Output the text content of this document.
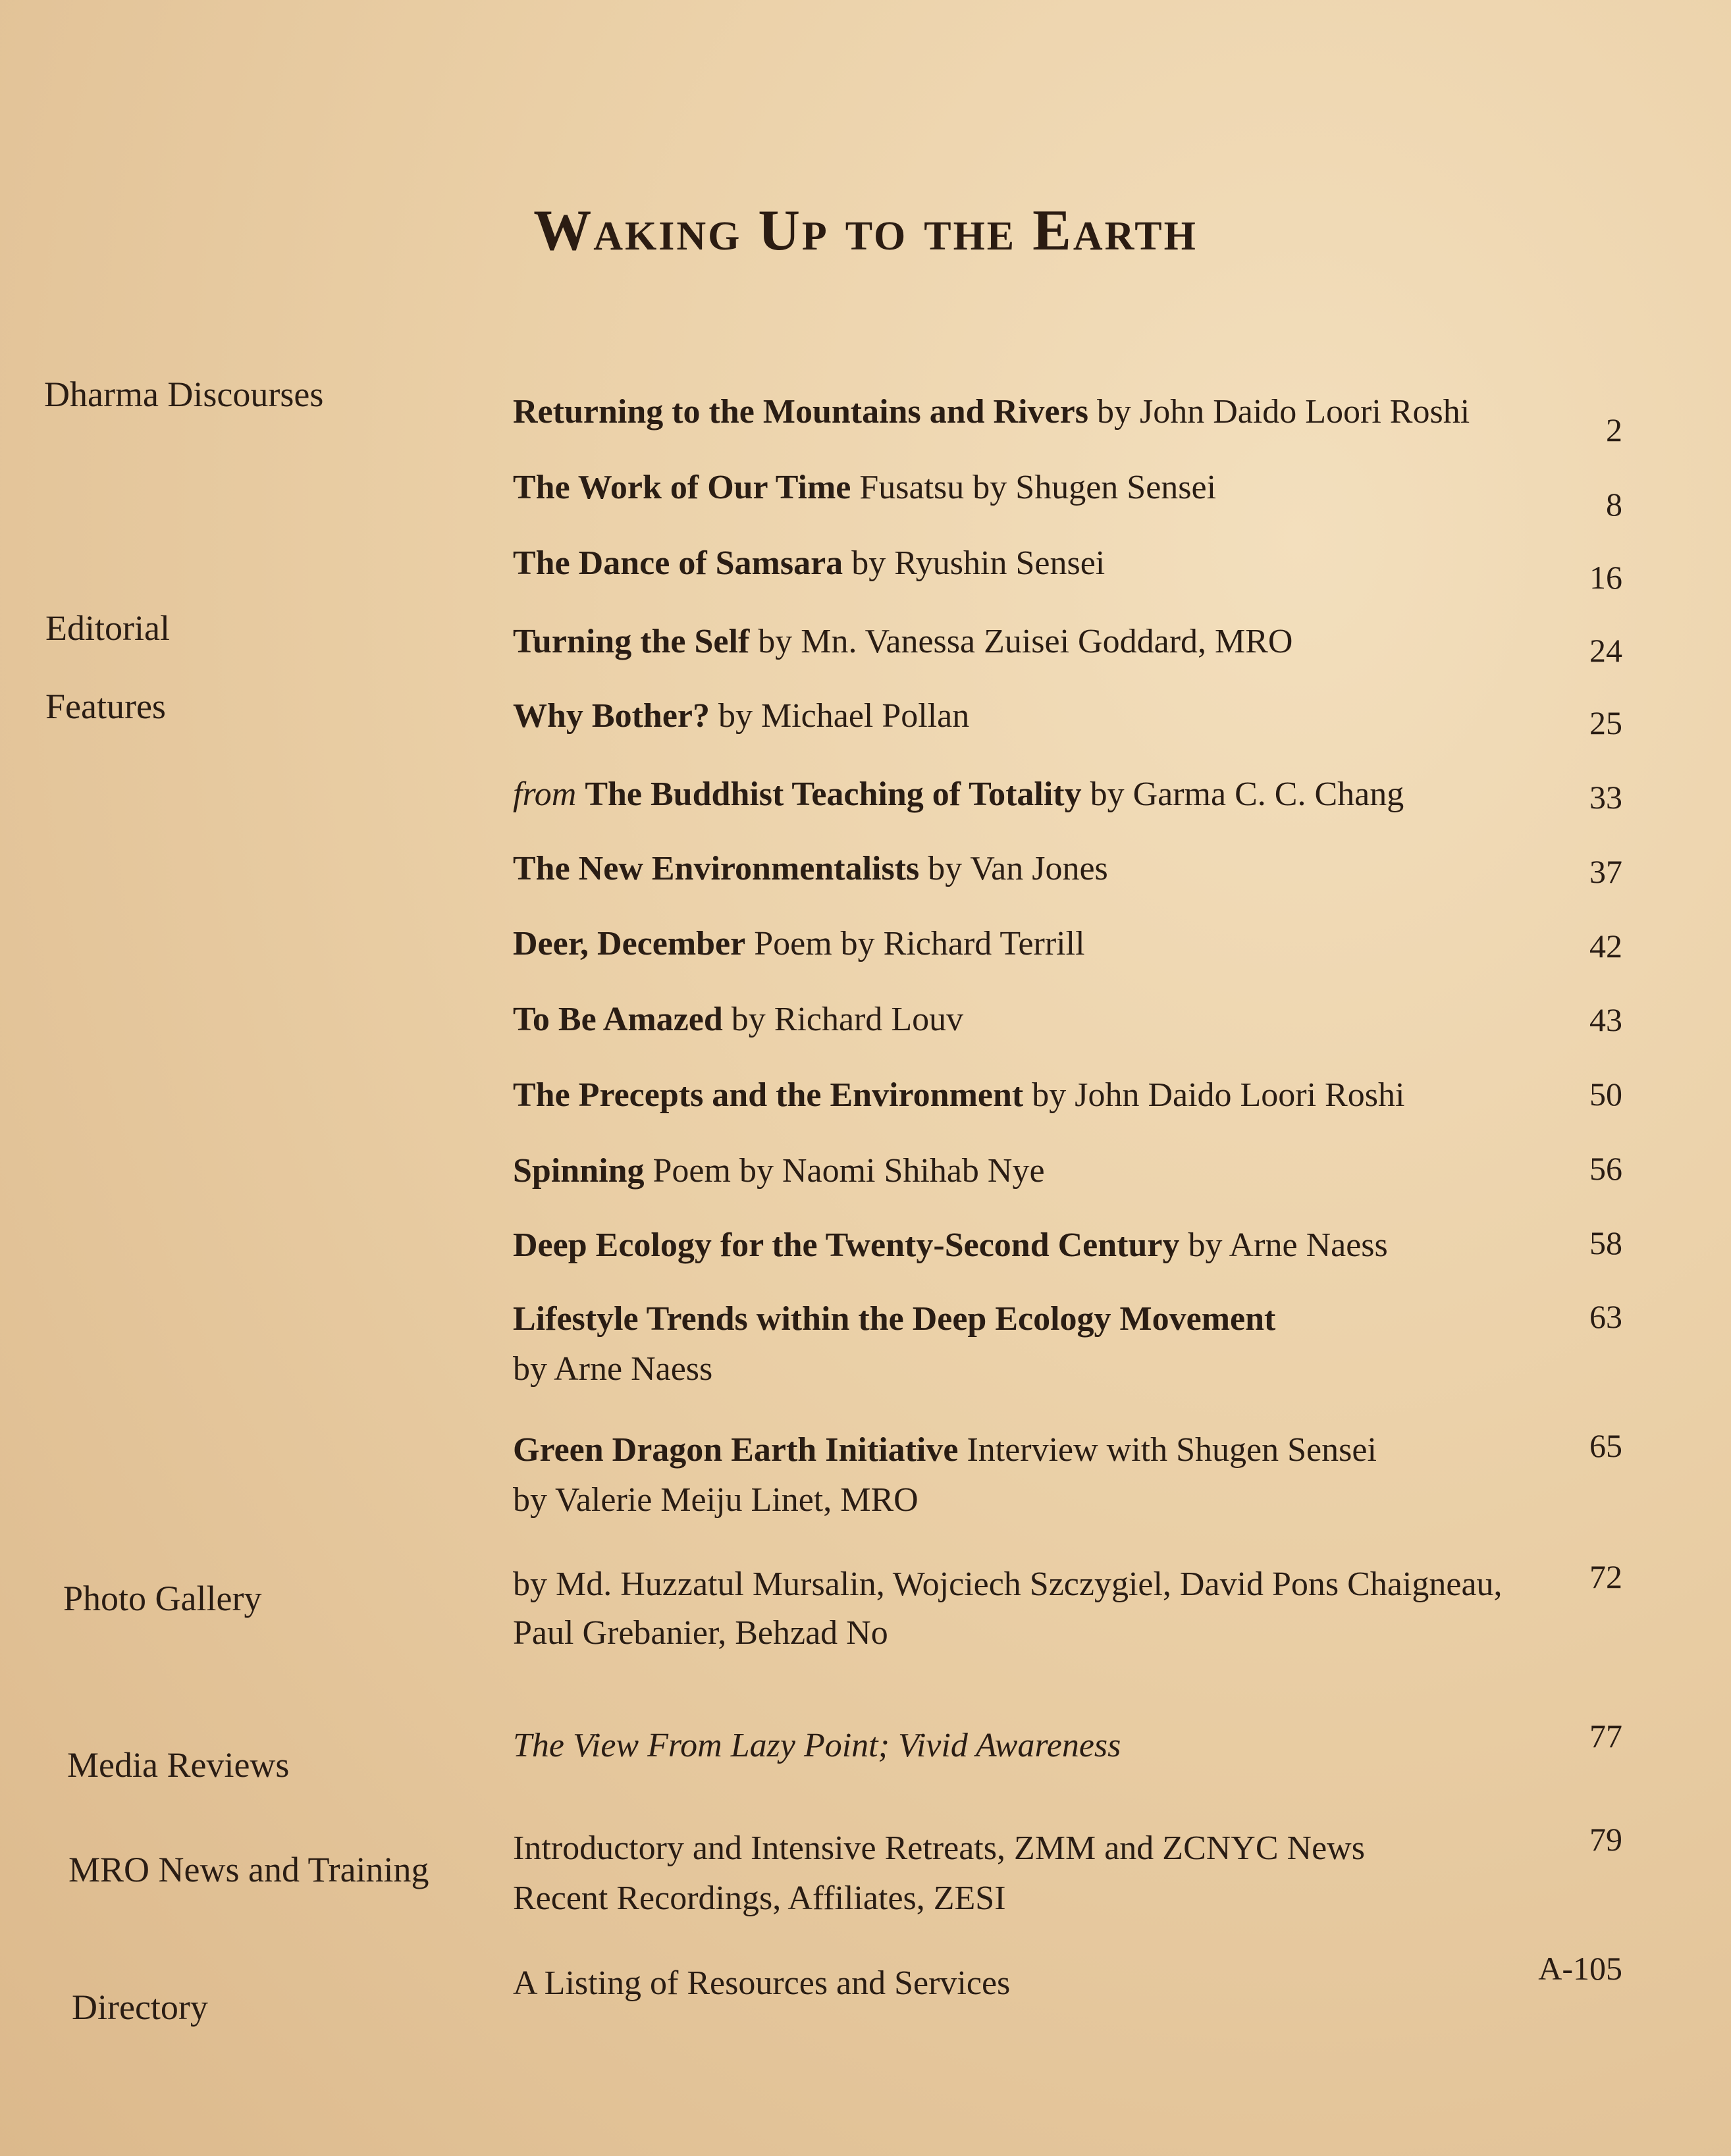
Waking Up to the Earth
Dharma Discourses
Editorial
Features
Photo Gallery
Media Reviews
MRO News and Training
Directory
Returning to the Mountains and Rivers by John Daido Loori Roshi
The Work of Our Time Fusatsu by Shugen Sensei
The Dance of Samsara by Ryushin Sensei
Turning the Self by Mn. Vanessa Zuisei Goddard, MRO
Why Bother? by Michael Pollan
from The Buddhist Teaching of Totality by Garma C. C. Chang
The New Environmentalists by Van Jones
Deer, December Poem by Richard Terrill
To Be Amazed by Richard Louv
The Precepts and the Environment by John Daido Loori Roshi
Spinning Poem by Naomi Shihab Nye
Deep Ecology for the Twenty-Second Century by Arne Naess
Lifestyle Trends within the Deep Ecology Movement
by Arne Naess
Green Dragon Earth Initiative Interview with Shugen Sensei
by Valerie Meiju Linet, MRO
by Md. Huzzatul Mursalin, Wojciech Szczygiel, David Pons Chaigneau,
Paul Grebanier, Behzad No
The View From Lazy Point; Vivid Awareness
Introductory and Intensive Retreats, ZMM and ZCNYC News
Recent Recordings, Affiliates, ZESI
A Listing of Resources and Services
2
8
16
24
25
33
37
42
43
50
56
58
63
65
72
77
79
A-105
